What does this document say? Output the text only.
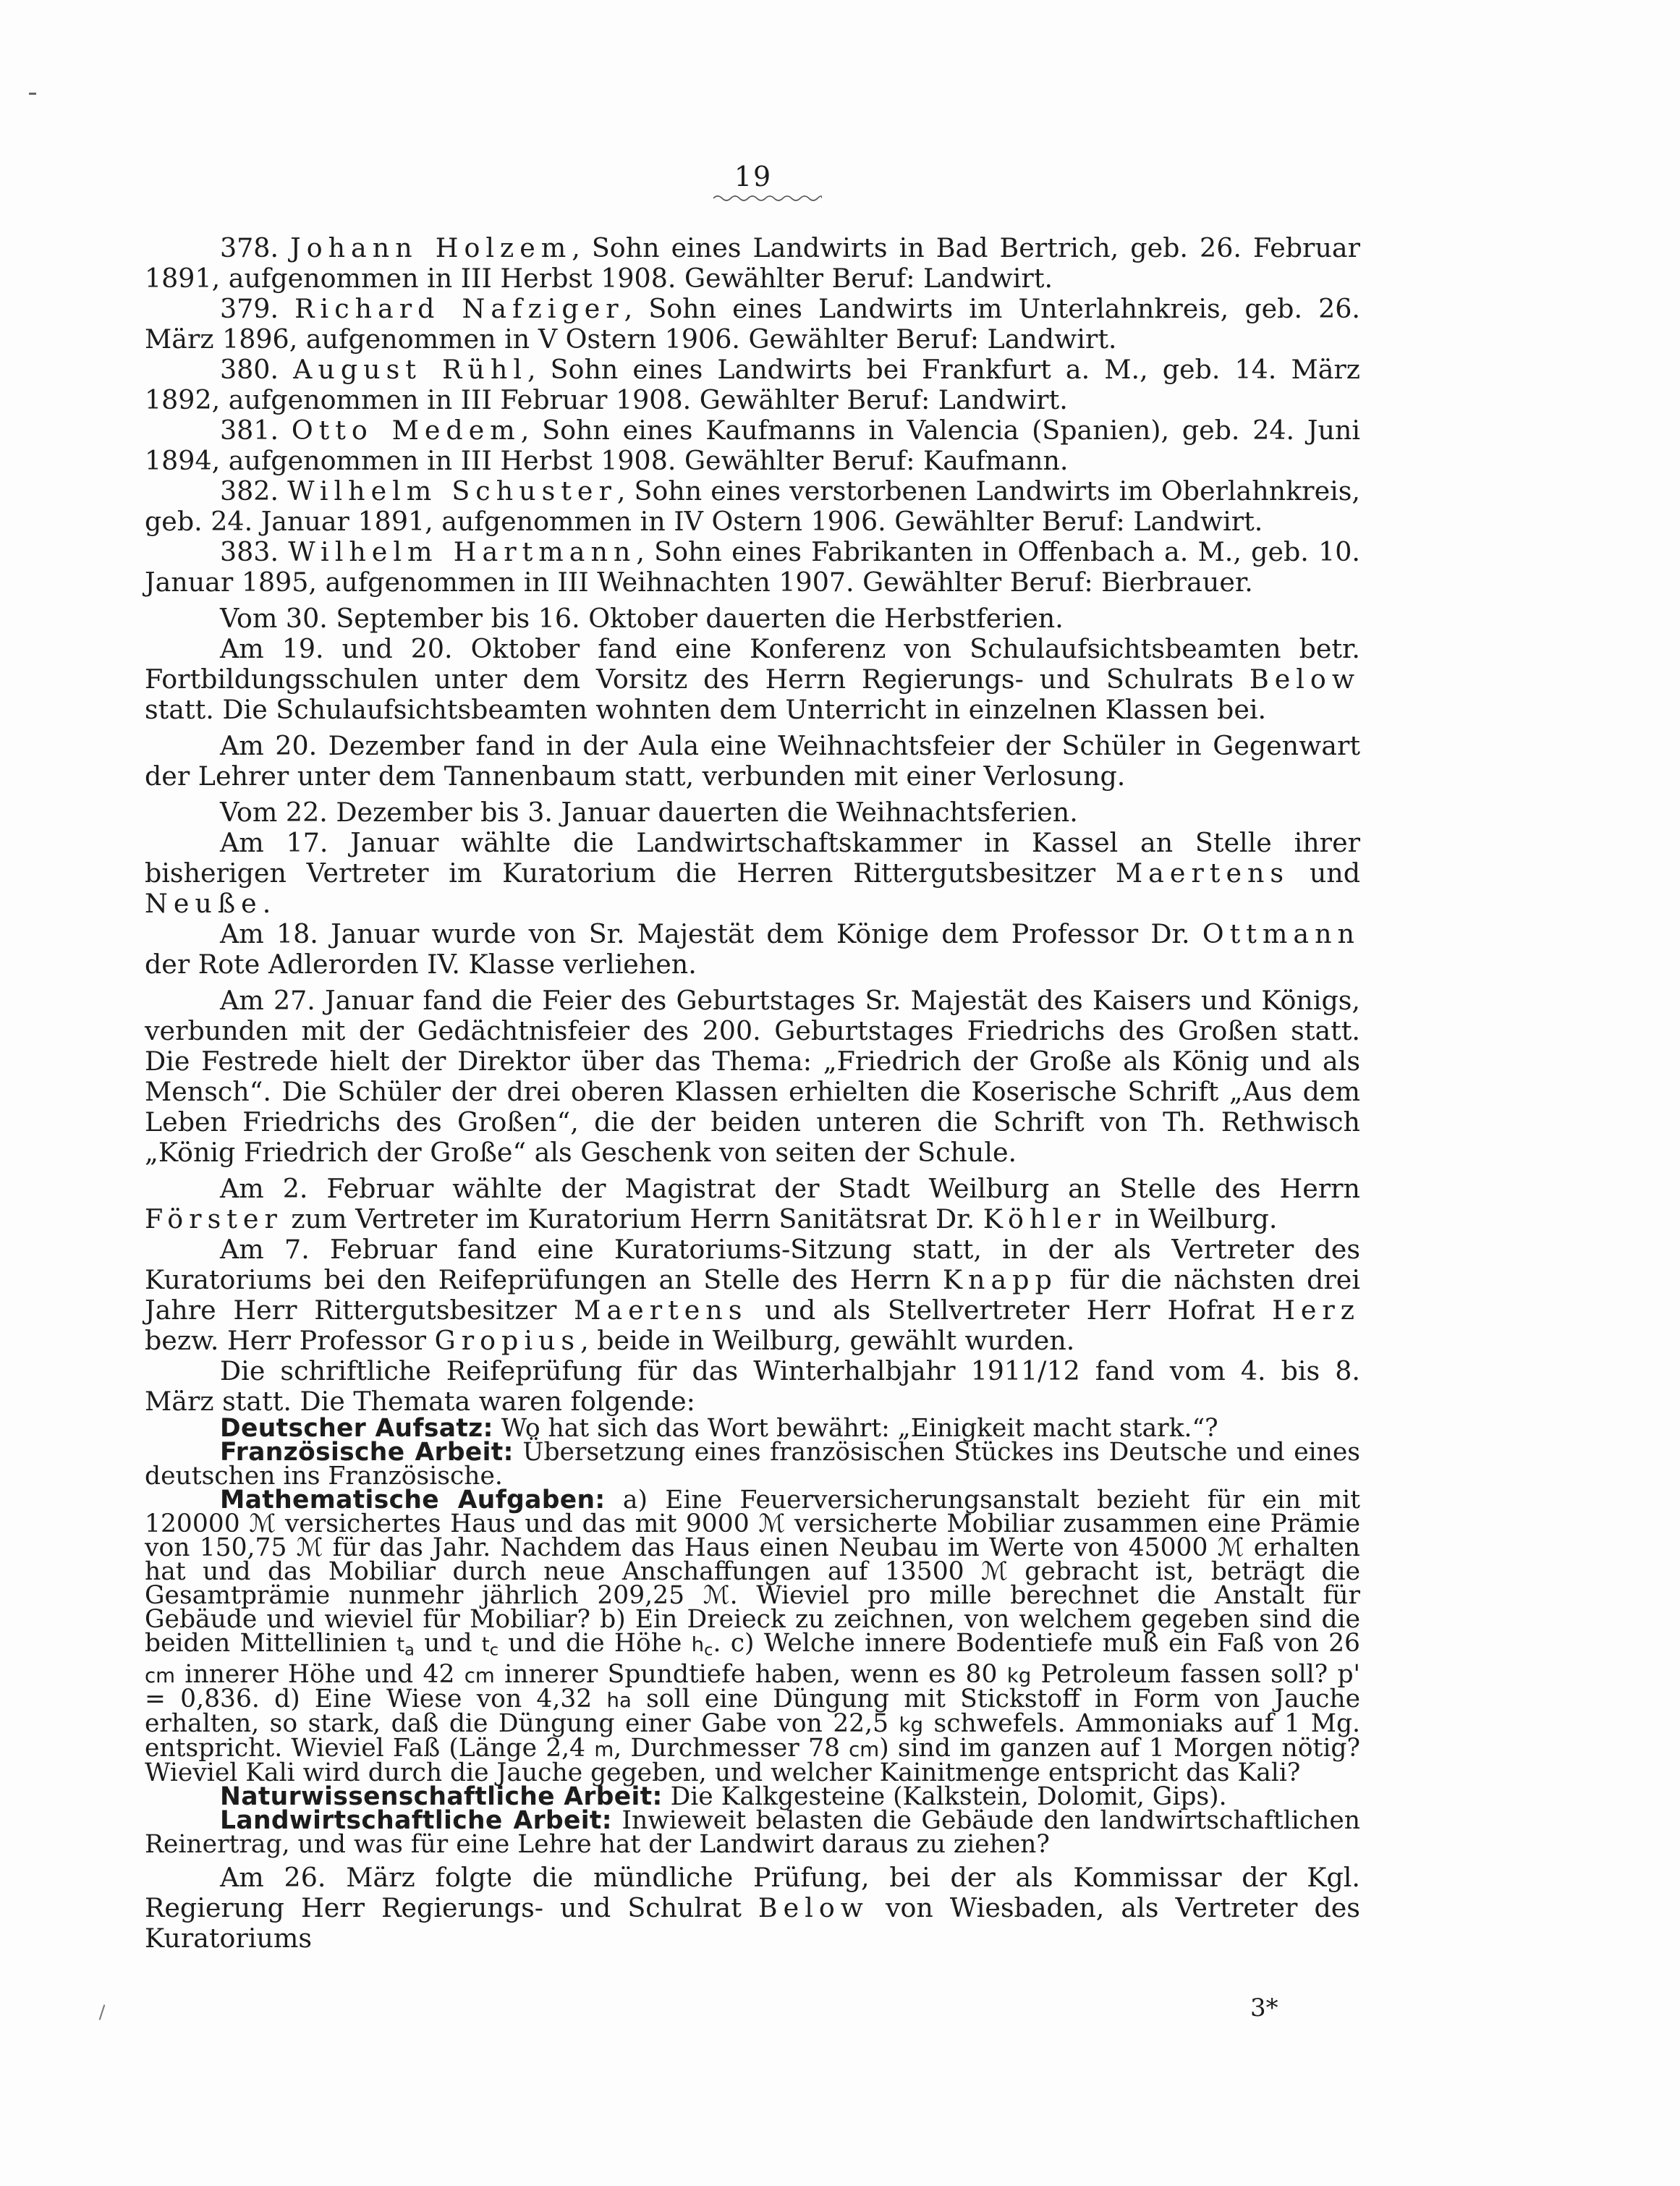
19

378. Johann Holzem, Sohn eines Landwirts in Bad Bertrich, geb. 26. Februar 1891, aufgenommen in III Herbst 1908. Gewählter Beruf: Landwirt.

379. Richard Nafziger, Sohn eines Landwirts im Unterlahnkreis, geb. 26. März 1896, aufgenommen in V Ostern 1906. Gewählter Beruf: Landwirt.

380. August Rühl, Sohn eines Landwirts bei Frankfurt a. M., geb. 14. März 1892, aufgenommen in III Februar 1908. Gewählter Beruf: Landwirt.

381. Otto Medem, Sohn eines Kaufmanns in Valencia (Spanien), geb. 24. Juni 1894, aufgenommen in III Herbst 1908. Gewählter Beruf: Kaufmann.

382. Wilhelm Schuster, Sohn eines verstorbenen Landwirts im Oberlahnkreis, geb. 24. Januar 1891, aufgenommen in IV Ostern 1906. Gewählter Beruf: Landwirt.

383. Wilhelm Hartmann, Sohn eines Fabrikanten in Offenbach a. M., geb. 10. Januar 1895, aufgenommen in III Weihnachten 1907. Gewählter Beruf: Bierbrauer.

Vom 30. September bis 16. Oktober dauerten die Herbstferien.

Am 19. und 20. Oktober fand eine Konferenz von Schulaufsichtsbeamten betr. Fortbildungsschulen unter dem Vorsitz des Herrn Regierungs- und Schulrats Below statt. Die Schulaufsichtsbeamten wohnten dem Unterricht in einzelnen Klassen bei.

Am 20. Dezember fand in der Aula eine Weihnachtsfeier der Schüler in Gegenwart der Lehrer unter dem Tannenbaum statt, verbunden mit einer Verlosung.

Vom 22. Dezember bis 3. Januar dauerten die Weihnachtsferien.

Am 17. Januar wählte die Landwirtschaftskammer in Kassel an Stelle ihrer bisherigen Vertreter im Kuratorium die Herren Rittergutsbesitzer Maertens und Neuße.

Am 18. Januar wurde von Sr. Majestät dem Könige dem Professor Dr. Ottmann der Rote Adlerorden IV. Klasse verliehen.

Am 27. Januar fand die Feier des Geburtstages Sr. Majestät des Kaisers und Königs, verbunden mit der Gedächtnisfeier des 200. Geburtstages Friedrichs des Großen statt. Die Festrede hielt der Direktor über das Thema: „Friedrich der Große als König und als Mensch“. Die Schüler der drei oberen Klassen erhielten die Koserische Schrift „Aus dem Leben Friedrichs des Großen“, die der beiden unteren die Schrift von Th. Rethwisch „König Friedrich der Große“ als Geschenk von seiten der Schule.

Am 2. Februar wählte der Magistrat der Stadt Weilburg an Stelle des Herrn Förster zum Vertreter im Kuratorium Herrn Sanitätsrat Dr. Köhler in Weilburg.

Am 7. Februar fand eine Kuratoriums-Sitzung statt, in der als Vertreter des Kuratoriums bei den Reifeprüfungen an Stelle des Herrn Knapp für die nächsten drei Jahre Herr Rittergutsbesitzer Maertens und als Stellvertreter Herr Hofrat Herz bezw. Herr Professor Gropius, beide in Weilburg, gewählt wurden.

Die schriftliche Reifeprüfung für das Winterhalbjahr 1911/12 fand vom 4. bis 8. März statt. Die Themata waren folgende:

Deutscher Aufsatz: Wo hat sich das Wort bewährt: „Einigkeit macht stark.“?

Französische Arbeit: Übersetzung eines französischen Stückes ins Deutsche und eines deutschen ins Französische.

Mathematische Aufgaben: a) Eine Feuerversicherungsanstalt bezieht für ein mit 120000 ℳ versichertes Haus und das mit 9000 ℳ versicherte Mobiliar zusammen eine Prämie von 150,75 ℳ für das Jahr. Nachdem das Haus einen Neubau im Werte von 45000 ℳ erhalten hat und das Mobiliar durch neue Anschaffungen auf 13500 ℳ gebracht ist, beträgt die Gesamtprämie nunmehr jährlich 209,25 ℳ. Wieviel pro mille berechnet die Anstalt für Gebäude und wieviel für Mobiliar? b) Ein Dreieck zu zeichnen, von welchem gegeben sind die beiden Mittellinien $t_a$ und $t_c$ und die Höhe $h_c$. c) Welche innere Bodentiefe muß ein Faß von 26 cm innerer Höhe und 42 cm innerer Spundtiefe haben, wenn es 80 kg Petroleum fassen soll? p' = 0,836. d) Eine Wiese von 4,32 ha soll eine Düngung mit Stickstoff in Form von Jauche erhalten, so stark, daß die Düngung einer Gabe von 22,5 kg schwefels. Ammoniaks auf 1 Mg. entspricht. Wieviel Faß (Länge 2,4 m, Durchmesser 78 cm) sind im ganzen auf 1 Morgen nötig? Wieviel Kali wird durch die Jauche gegeben, und welcher Kainitmenge entspricht das Kali?

Naturwissenschaftliche Arbeit: Die Kalkgesteine (Kalkstein, Dolomit, Gips).

Landwirtschaftliche Arbeit: Inwieweit belasten die Gebäude den landwirtschaftlichen Reinertrag, und was für eine Lehre hat der Landwirt daraus zu ziehen?

Am 26. März folgte die mündliche Prüfung, bei der als Kommissar der Kgl. Regierung Herr Regierungs- und Schulrat Below von Wiesbaden, als Vertreter des Kuratoriums

3*
